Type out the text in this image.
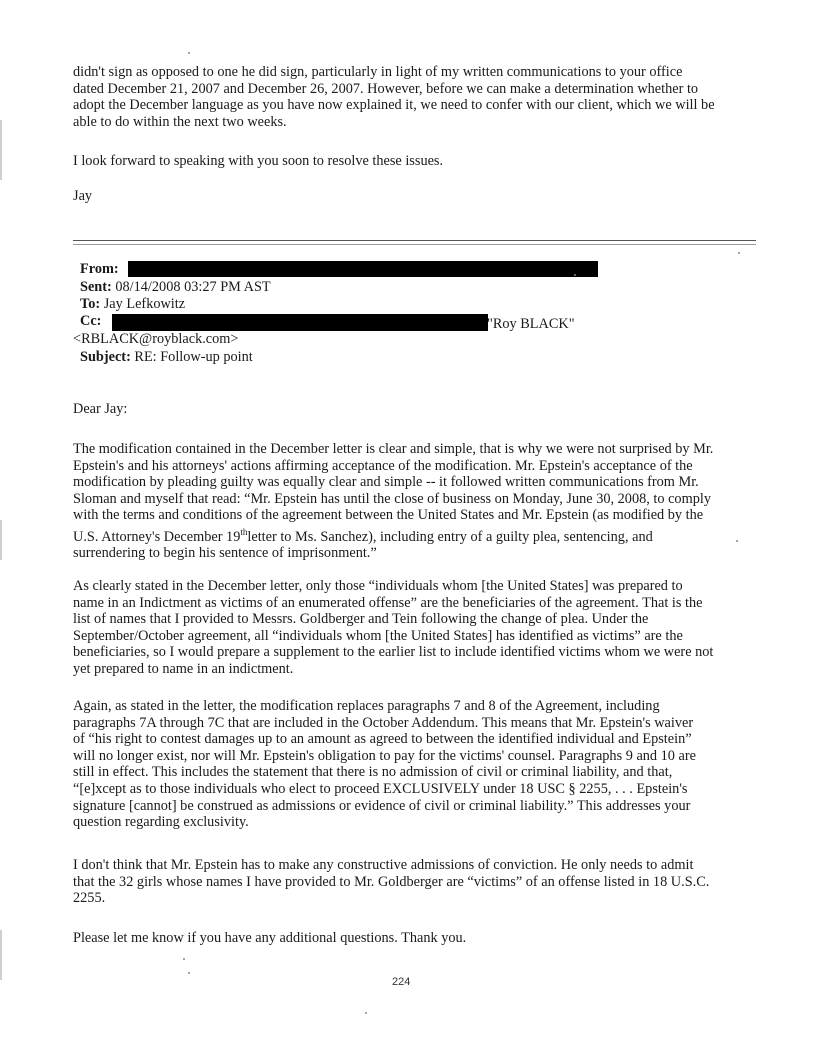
didn't sign as opposed to one he did sign, particularly in light of my written communications to your office
dated December 21, 2007 and December 26, 2007. However, before we can make a determination whether to
adopt the December language as you have now explained it, we need to confer with our client, which we will be
able to do within the next two weeks.
I look forward to speaking with you soon to resolve these issues.
Jay
From:
Sent: 08/14/2008 03:27 PM AST
To: Jay Lefkowitz
Cc:	"Roy BLACK"
<RBLACK@royblack.com>
Subject: RE: Follow-up point
Dear Jay:
The modification contained in the December letter is clear and simple, that is why we were not surprised by Mr.
Epstein's and his attorneys' actions affirming acceptance of the modification. Mr. Epstein's acceptance of the
modification by pleading guilty was equally clear and simple -- it followed written communications from Mr.
Sloman and myself that read: “Mr. Epstein has until the close of business on Monday, June 30, 2008, to comply
with the terms and conditions of the agreement between the United States and Mr. Epstein (as modified by the
U.S. Attorney's December 19thletter to Ms. Sanchez), including entry of a guilty plea, sentencing, and
surrendering to begin his sentence of imprisonment.”
As clearly stated in the December letter, only those “individuals whom [the United States] was prepared to
name in an Indictment as victims of an enumerated offense” are the beneficiaries of the agreement. That is the
list of names that I provided to Messrs. Goldberger and Tein following the change of plea. Under the
September/October agreement, all “individuals whom [the United States] has identified as victims” are the
beneficiaries, so I would prepare a supplement to the earlier list to include identified victims whom we were not
yet prepared to name in an indictment.
Again, as stated in the letter, the modification replaces paragraphs 7 and 8 of the Agreement, including
paragraphs 7A through 7C that are included in the October Addendum. This means that Mr. Epstein's waiver
of “his right to contest damages up to an amount as agreed to between the identified individual and Epstein”
will no longer exist, nor will Mr. Epstein's obligation to pay for the victims' counsel. Paragraphs 9 and 10 are
still in effect. This includes the statement that there is no admission of civil or criminal liability, and that,
“[e]xcept as to those individuals who elect to proceed EXCLUSIVELY under 18 USC § 2255, . . . Epstein's
signature [cannot] be construed as admissions or evidence of civil or criminal liability.” This addresses your
question regarding exclusivity.
I don't think that Mr. Epstein has to make any constructive admissions of conviction. He only needs to admit
that the 32 girls whose names I have provided to Mr. Goldberger are “victims” of an offense listed in 18 U.S.C.
2255.
Please let me know if you have any additional questions. Thank you.
224
